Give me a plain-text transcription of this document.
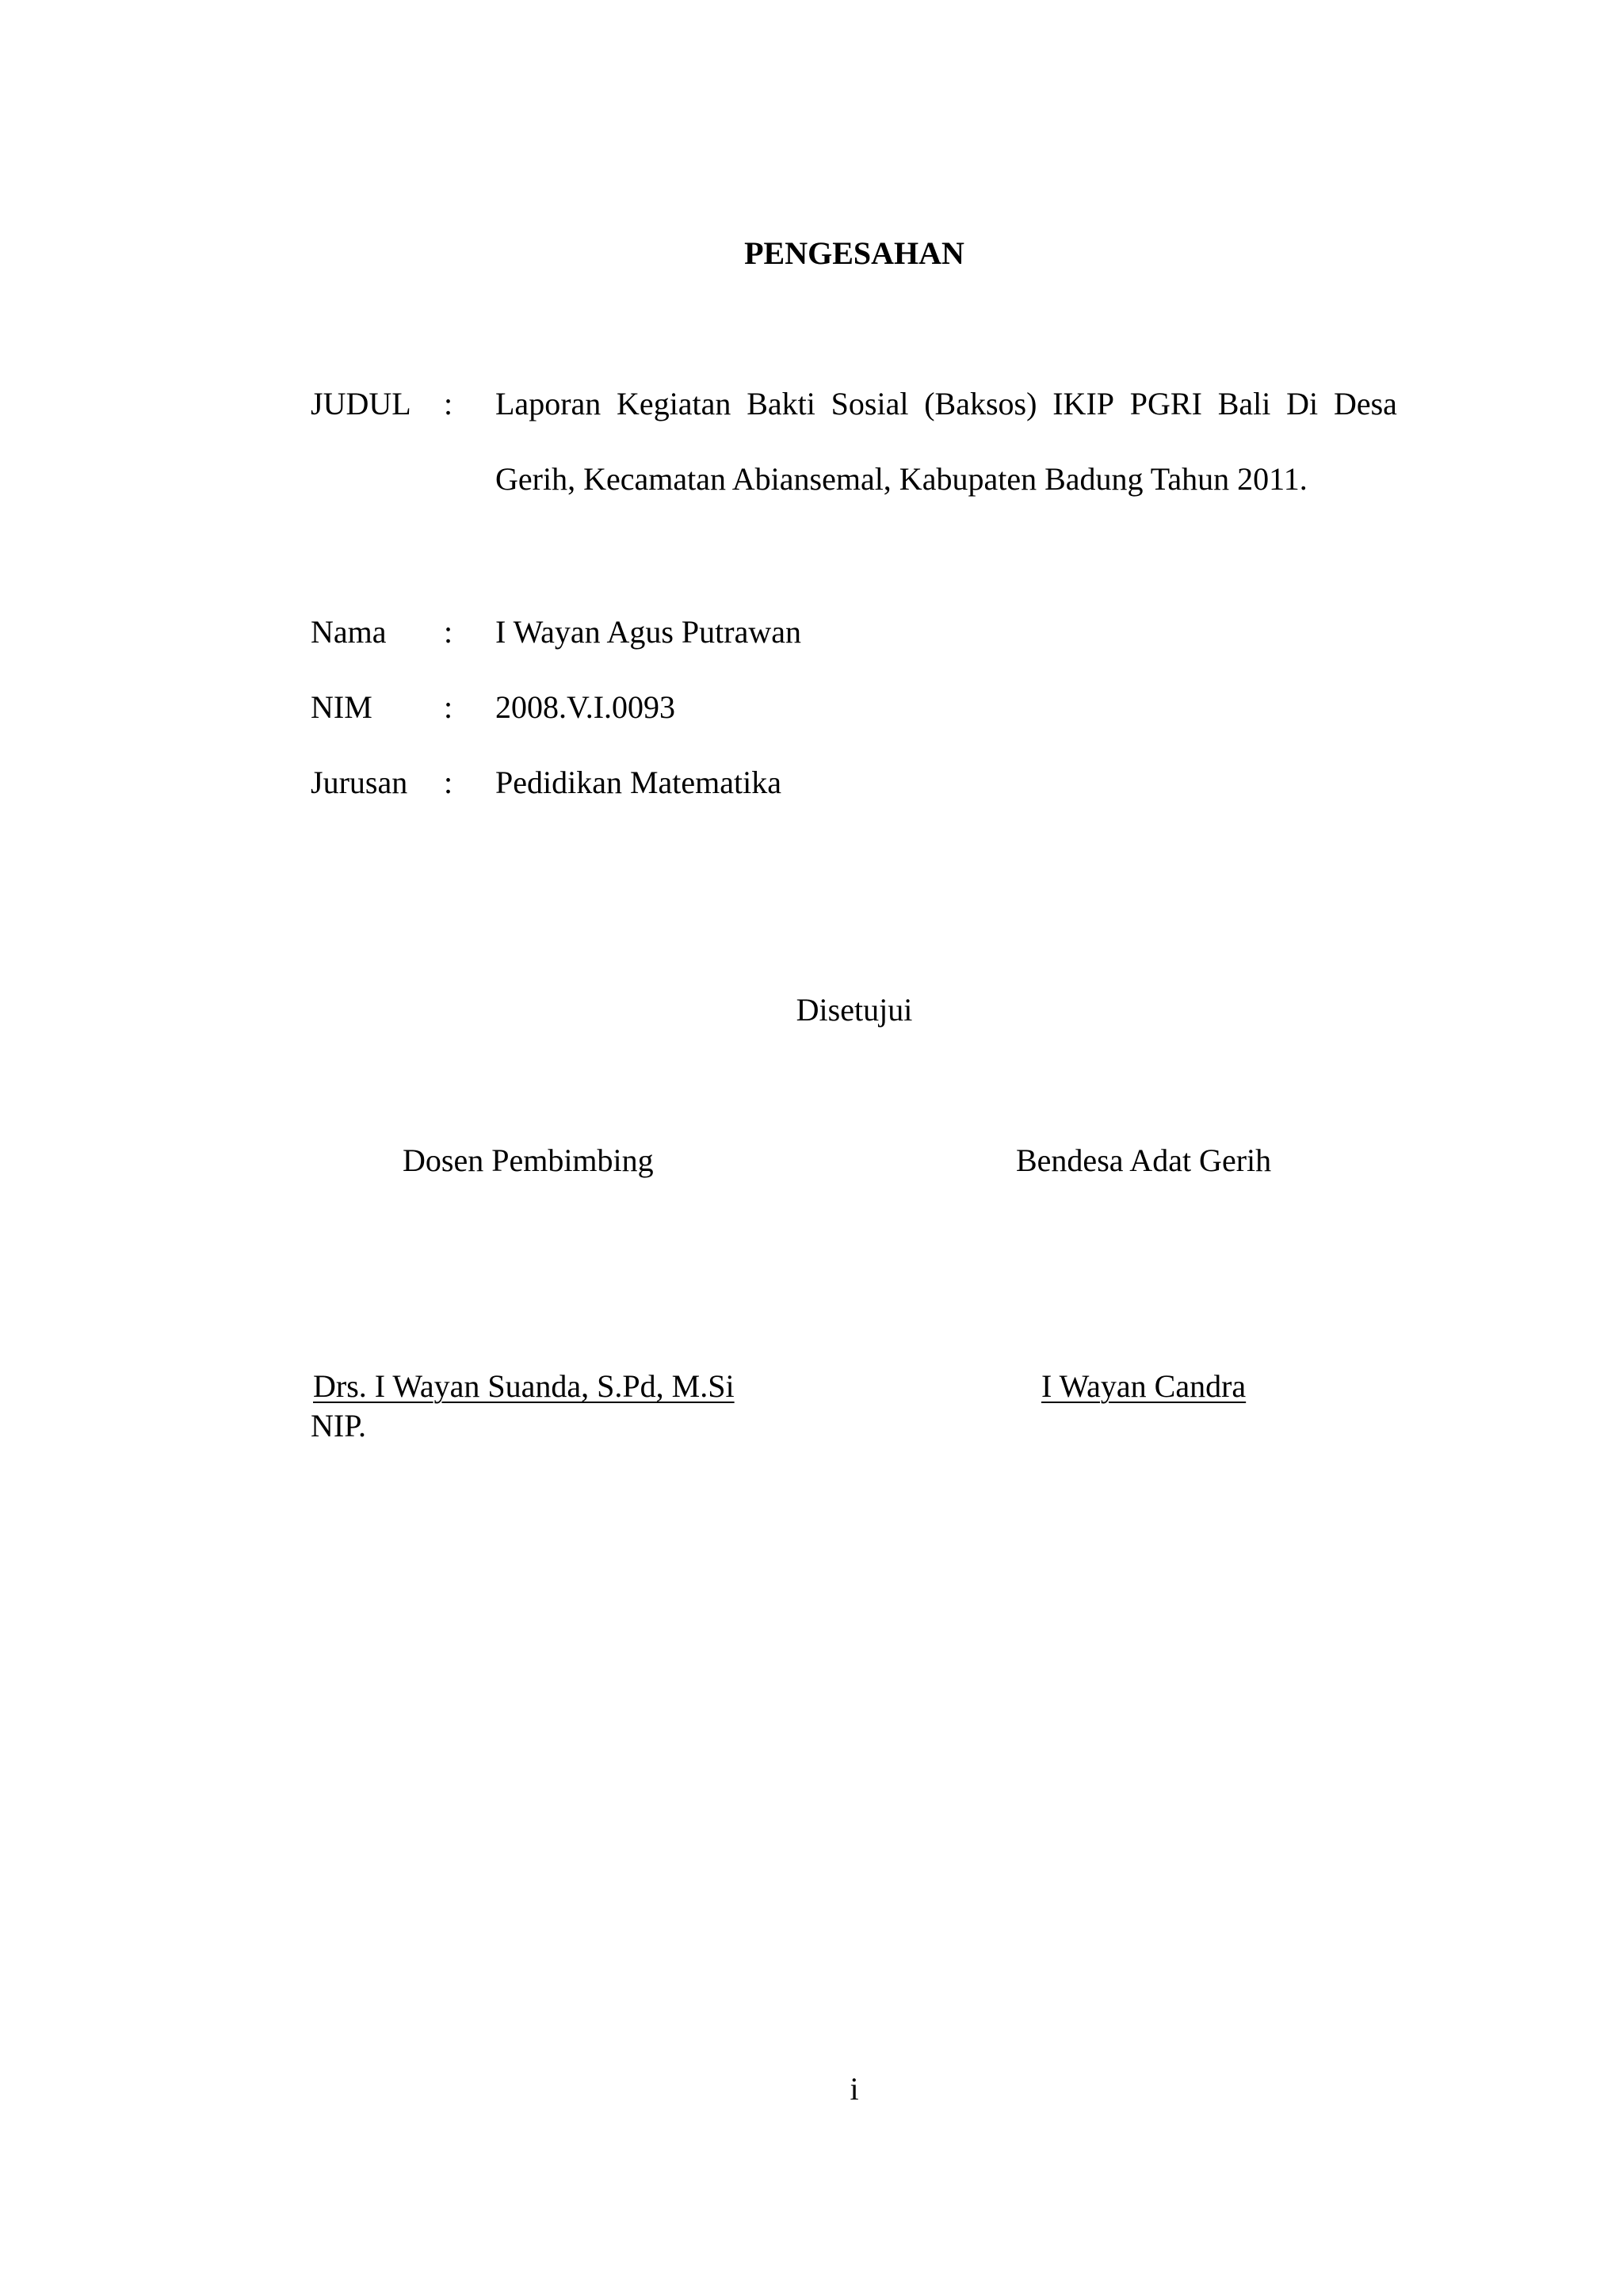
PENGESAHAN
JUDUL : Laporan Kegiatan Bakti Sosial (Baksos) IKIP PGRI Bali Di Desa
Gerih, Kecamatan Abiansemal, Kabupaten Badung Tahun 2011.
Nama : I Wayan Agus Putrawan
NIM : 2008.V.I.0093
Jurusan : Pedidikan Matematika
Disetujui
Dosen Pembimbing	Bendesa Adat Gerih
Drs. I Wayan Suanda, S.Pd, M.Si
NIP.
I Wayan Candra
i
